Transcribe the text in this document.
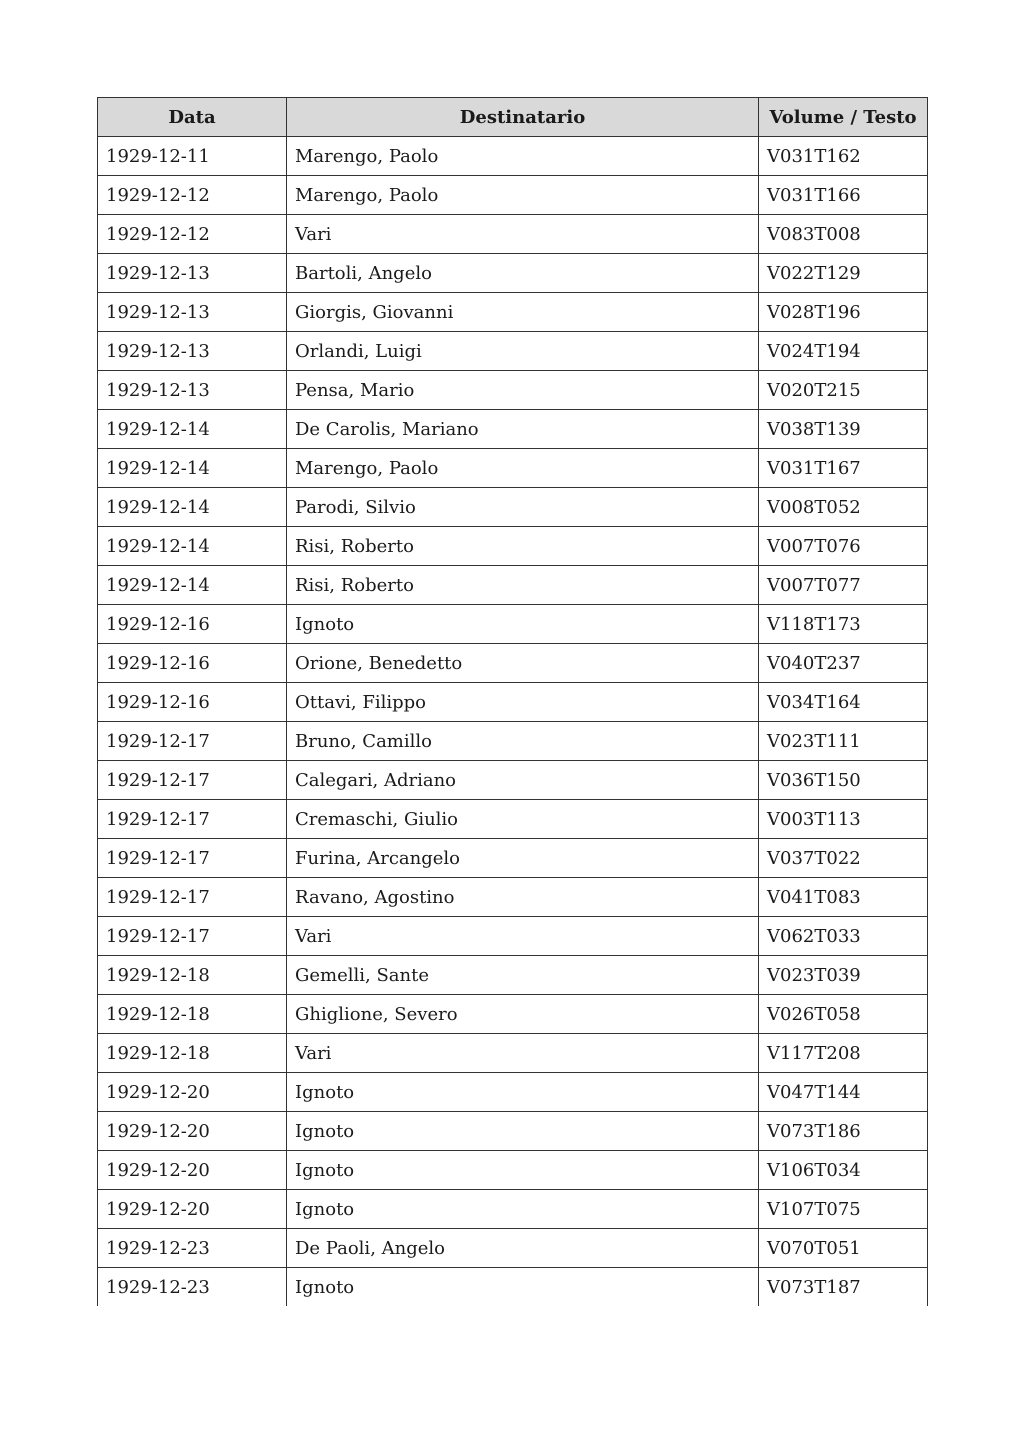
Data	Destinatario	Volume / Testo
1929-12-11	Marengo, Paolo	V031T162
1929-12-12	Marengo, Paolo	V031T166
1929-12-12	Vari	V083T008
1929-12-13	Bartoli, Angelo	V022T129
1929-12-13	Giorgis, Giovanni	V028T196
1929-12-13	Orlandi, Luigi	V024T194
1929-12-13	Pensa, Mario	V020T215
1929-12-14	De Carolis, Mariano	V038T139
1929-12-14	Marengo, Paolo	V031T167
1929-12-14	Parodi, Silvio	V008T052
1929-12-14	Risi, Roberto	V007T076
1929-12-14	Risi, Roberto	V007T077
1929-12-16	Ignoto	V118T173
1929-12-16	Orione, Benedetto	V040T237
1929-12-16	Ottavi, Filippo	V034T164
1929-12-17	Bruno, Camillo	V023T111
1929-12-17	Calegari, Adriano	V036T150
1929-12-17	Cremaschi, Giulio	V003T113
1929-12-17	Furina, Arcangelo	V037T022
1929-12-17	Ravano, Agostino	V041T083
1929-12-17	Vari	V062T033
1929-12-18	Gemelli, Sante	V023T039
1929-12-18	Ghiglione, Severo	V026T058
1929-12-18	Vari	V117T208
1929-12-20	Ignoto	V047T144
1929-12-20	Ignoto	V073T186
1929-12-20	Ignoto	V106T034
1929-12-20	Ignoto	V107T075
1929-12-23	De Paoli, Angelo	V070T051
1929-12-23	Ignoto	V073T187
